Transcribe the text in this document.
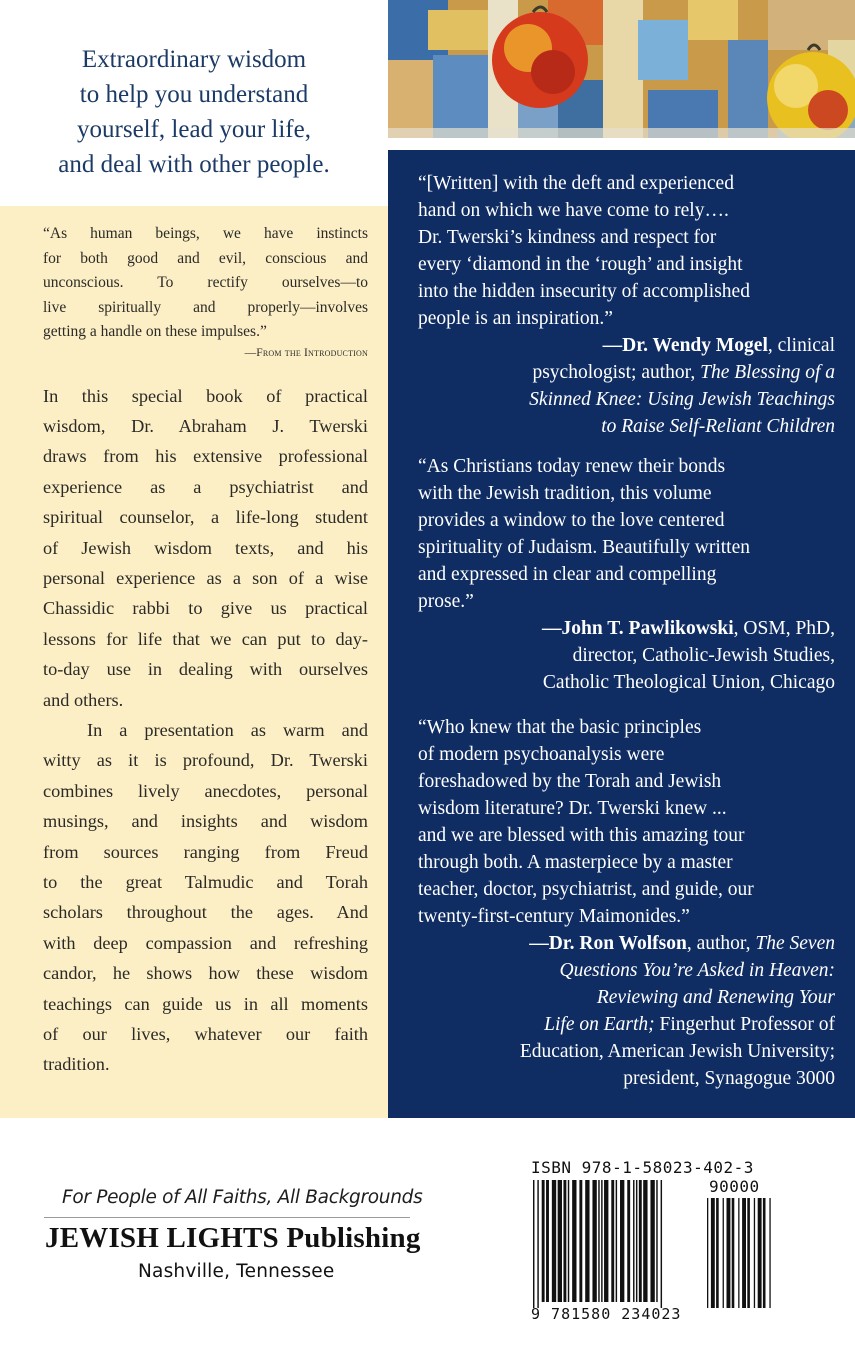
Extraordinary wisdom
to help you understand
yourself, lead your life,
and deal with other people.
“As human beings, we have instincts
for both good and evil, conscious and
unconscious. To rectify ourselves—to
live spiritually and properly—involves
getting a handle on these impulses.”
—From the Introduction
In this special book of practical
wisdom, Dr. Abraham J. Twerski
draws from his extensive professional
experience as a psychiatrist and
spiritual counselor, a life-long student
of Jewish wisdom texts, and his
personal experience as a son of a wise
Chassidic rabbi to give us practical
lessons for life that we can put to day-
to-day use in dealing with ourselves
and others.
In a presentation as warm and
witty as it is profound, Dr. Twerski
combines lively anecdotes, personal
musings, and insights and wisdom
from sources ranging from Freud
to the great Talmudic and Torah
scholars throughout the ages. And
with deep compassion and refreshing
candor, he shows how these wisdom
teachings can guide us in all moments
of our lives, whatever our faith
tradition.
“[Written] with the deft and experienced
hand on which we have come to rely….
Dr. Twerski’s kindness and respect for
every ‘diamond in the ‘rough’ and insight
into the hidden insecurity of accomplished
people is an inspiration.”
—Dr. Wendy Mogel, clinical
psychologist; author, The Blessing of a
Skinned Knee: Using Jewish Teachings
to Raise Self-Reliant Children
“As Christians today renew their bonds
with the Jewish tradition, this volume
provides a window to the love centered
spirituality of Judaism. Beautifully written
and expressed in clear and compelling
prose.”
—John T. Pawlikowski, OSM, PhD,
director, Catholic-Jewish Studies,
Catholic Theological Union, Chicago
“Who knew that the basic principles
of modern psychoanalysis were
foreshadowed by the Torah and Jewish
wisdom literature? Dr. Twerski knew ...
and we are blessed with this amazing tour
through both. A masterpiece by a master
teacher, doctor, psychiatrist, and guide, our
twenty-first-century Maimonides.”
—Dr. Ron Wolfson, author, The Seven
Questions You’re Asked in Heaven:
Reviewing and Renewing Your
Life on Earth; Fingerhut Professor of
Education, American Jewish University;
president, Synagogue 3000
For People of All Faiths, All Backgrounds
JEWISH LIGHTS Publishing
Nashville, Tennessee
ISBN 978-1-58023-402-3
90000
9 781580 234023
